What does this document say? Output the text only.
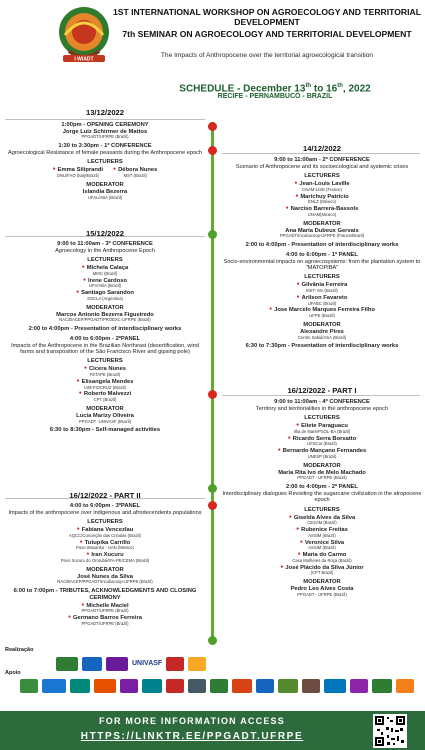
I WIADT
1ST INTERNATIONAL WORKSHOP ON AGROECOLOGY AND TERRITORIAL DEVELOPMENT
7th SEMINAR ON AGROECOLOGY AND TERRITORIAL DEVELOPMENT
The Impacts of Anthropocene over the territorial agroecological transition
SCHEDULE - December 13th to 16th, 2022
RECIFE - PERNAMBUCO - BRAZIL
13/12/2022
1:00pm - OPENING CEREMONY
Jorge Luiz Schirmer de Mattos
PPGADT/UFRPE (Brazil)
1:30 to 3:30pm - 1º CONFERENCE
Agroecological Resistance of female peasants during the Anthropocene epoch
LECTURERS
● Emma Siliprandi
ONU/FAO (Italy/Brazil)
● Débora Nunes
MST (Brazil)
MODERATOR
Islandia Bezerra
UFAL/ABA (Brazil)
15/12/2022
9:00 to 11:00am - 3º CONFERENCE
Agroecology in the Anthropocene Epoch
LECTURERS
● Michela Calaça
MMC (Brazil)
● Irene Cardoso
UFV/ABA (Brazil)
● Santiago Sarandon
SOCLA (Argentina)
MODERATOR
Marcos Antonio Bezerra Figueiredo
NAC/BACEP/PPGADT/PROEXC-UFRPE (Brazil)
2:00 to 4:00pm - Presentation of interdisciplinary works
4:00 to 6:00pm - 2ºPANEL
Impacts of the Anthropocene in the Brazilian Northeast (desertification, wind farms and transposition of the São Francisco River and gipsing pole)
LECTURERS
● Cicera Nunes
FETAPE (Brazil)
● Elisangela Mendes
IAM-FIOCRUZ (Brazil)
● Roberto Malvezzi
CPT (Brazil)
MODERATOR
Lucia Marizy Oliveira
PPGADT -UNIVASF (Brazil)
6:30 to 8:30pm - Self-managed activities
16/12/2022 - PART II
4:00 to 6:00pm - 3ºPANEL
Impacts of the anthropocene over indigenous and afrodecendents populations
LECTURERS
● Fabiana Vencezlau
AQCC/Conceição das Crioulas (Brazil)
● Tutupika Carrillo
Povo Waxarika - UAN (Mexico)
● Iran Xucuru
Povo Xucuru do Ororubá/IFA-PE/CEMA (Brazil)
MODERATOR
José Nunes da Silva
NAC/BACEP/PPGADT/Incubacoop-UFRPE (Brazil)
6:00 to 7:00pm - TRIBUTES, ACKNOWLEDGMENTS AND CLOSING CERIMONY
● Michelle Maciel
PPGADT/UFRPE (Brazil)
● Germano Barros Ferreira
PPGADT/UFRPE (Brazil)
14/12/2022
9:00 to 11:00am - 2º CONFERENCE
Scenario of Anthropocene and its socioecological and systemic crises
LECTURERS
● Jean-Louis Laville
CNAM-LISE (France)
● Marichuy Patricio
ENLZ (México)
● Narciso Barrera-Bassols
UNAM(Mexico)
MODERATOR
Ana Maria Dubeux Gervais
PPGADT/Incubacoop-UFRPE (France/Brazil)
2:00 to 4:00pm - Presentation of interdisciplinary works
4:00 to 6:00pm - 1º PANEL
Socio-environmental impacts on agroecosystems: from the plantation system to "MATOPIBA"
LECTURERS
● Gilvânia Ferreira
MST- MA (Brazil)
● Arilson Favareto
UFABC (Brazil)
● Jose Marcelo Marques Ferreira Filho
UFPE (Brazil)
MODERATOR
Alexandre Pires
Centro Sabiá/ASA (Brazil)
6:30 to 7:30pm - Presentation of interdisciplinary works
16/12/2022 - PART I
9:00 to 11:00am - 4º CONFERENCE
Territory and territorialities in the anthropocene epoch
LECTURERS
● Eliete Paraguacu
Ilha de Maré/PSOL-BA (Brazil)
● Ricardo Serra Borsatto
UFSCar (Brazil)
● Bernardo Mançano Fernandes
UNESP (Brazil)
MODERATOR
Maria Rita Ivo de Melo Machado
PPGADT - UFRPE (Brazil)
2:00 to 4:00pm - 2º PANEL
Interdisciplinary dialogues Revisiting the sugarcane civilization in the atropocene epoch
LECTURERS
● Giselda Alves da Silva
CESAM (Brazil)
● Rubenice Freitas
ASSIM (Brazil)
● Veronice Silva
ASSIM (Brazil)
● Maria do Carmo
Casa Mulheres da Roça (Brazil)
● José Plácido da Silva Júnior
(CPT Brazil)
MODERATOR
Pedro Leo Alves Costa
PPGADT - UFRPE (Brazil)
Realização
Apoio
UNIVASF
FOR MORE INFORMATION ACCESS
HTTPS://LINKTR.EE/PPGADT.UFRPE
